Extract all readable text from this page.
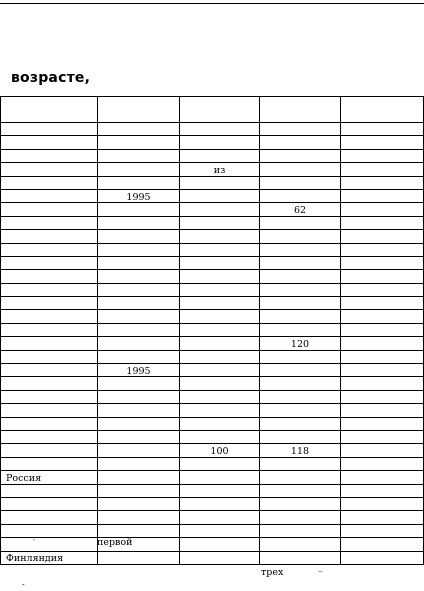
возрасте,

		из		

	1995			
			62	

			120	

	1995			

		100	118	

Россия				

Финляндия				
′	первой
трех	–
-
